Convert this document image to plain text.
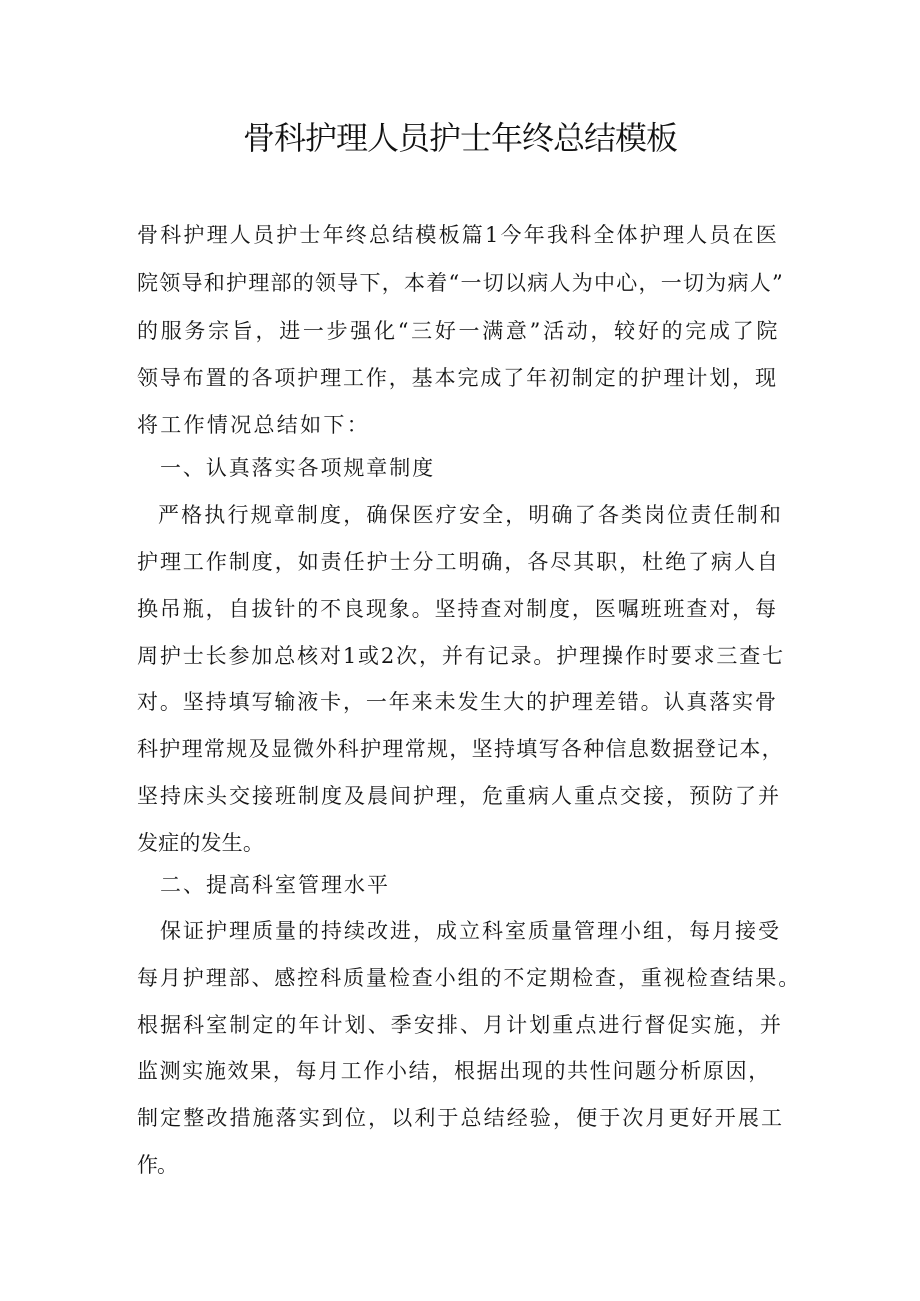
骨科护理人员护士年终总结模板
骨科护理人员护士年终总结模板篇1今年我科全体护理人员在医
院领导和护理部的领导下，本着“一切以病人为中心，一切为病人”
的服务宗旨，进一步强化“三好一满意”活动，较好的完成了院
领导布置的各项护理工作，基本完成了年初制定的护理计划，现
将工作情况总结如下：
一、认真落实各项规章制度
严格执行规章制度，确保医疗安全，明确了各类岗位责任制和
护理工作制度，如责任护士分工明确，各尽其职，杜绝了病人自
换吊瓶，自拔针的不良现象。坚持查对制度，医嘱班班查对，每
周护士长参加总核对1或2次，并有记录。护理操作时要求三查七
对。坚持填写输液卡，一年来未发生大的护理差错。认真落实骨
科护理常规及显微外科护理常规，坚持填写各种信息数据登记本，
坚持床头交接班制度及晨间护理，危重病人重点交接，预防了并
发症的发生。
二、提高科室管理水平
保证护理质量的持续改进，成立科室质量管理小组，每月接受
每月护理部、感控科质量检查小组的不定期检查，重视检查结果。
根据科室制定的年计划、季安排、月计划重点进行督促实施，并
监测实施效果，每月工作小结，根据出现的共性问题分析原因，
制定整改措施落实到位，以利于总结经验，便于次月更好开展工
作。
